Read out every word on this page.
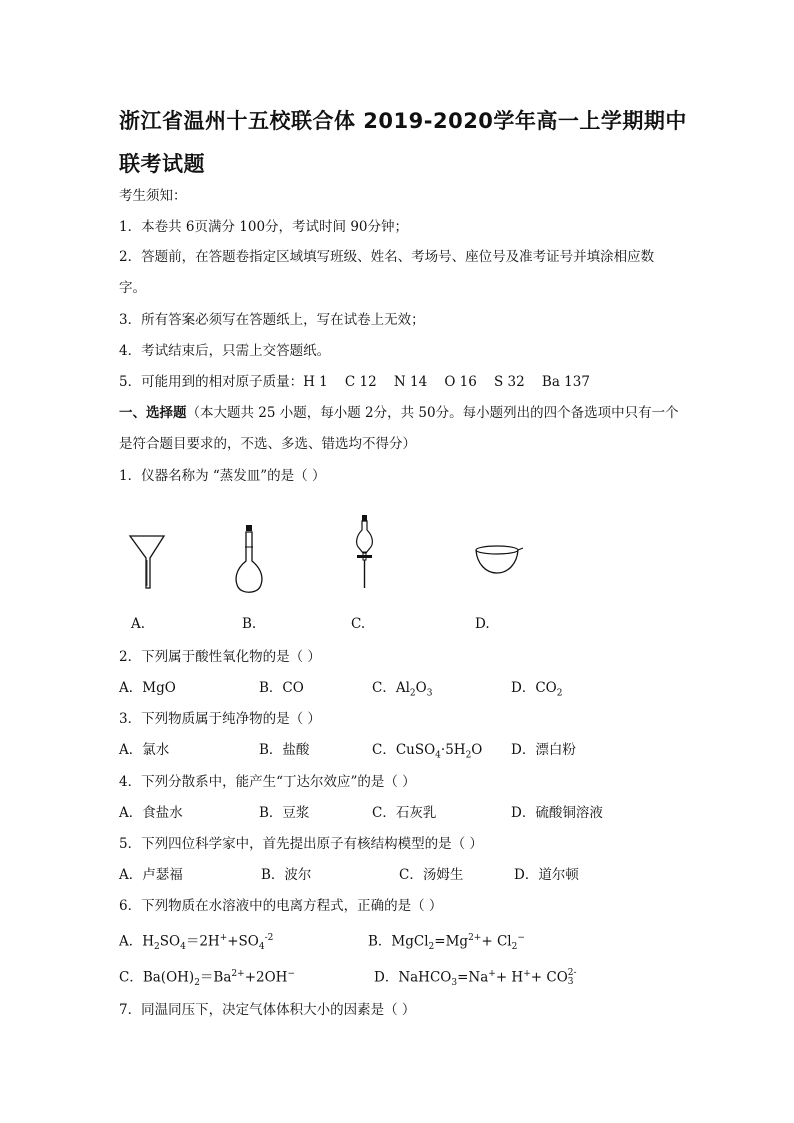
浙江省温州十五校联合体 2019-2020学年高一上学期期中联考试题
考生须知：
1．本卷共 6页满分 100分，考试时间 90分钟；
2．答题前，在答题卷指定区域填写班级、姓名、考场号、座位号及准考证号并填涂相应数字。
3．所有答案必须写在答题纸上，写在试卷上无效；
4．考试结束后，只需上交答题纸。
5．可能用到的相对原子质量：H 1    C 12    N 14    O 16    S 32    Ba 137
一、选择题（本大题共 25 小题，每小题 2分，共 50分。每小题列出的四个备选项中只有一个是符合题目要求的，不选、多选、错选均不得分）
1．仪器名称为 “蒸发皿”的是（ ）
A.	B.	C.	D.
2．下列属于酸性氧化物的是（ ）
A．MgO	B．CO	C．$Al_2O_3$	D．$CO_2$
3．下列物质属于纯净物的是（ ）
A．氯水	B．盐酸	C．$CuSO_4\cdot 5H_2O$ D．漂白粉
4．下列分散系中，能产生“丁达尔效应”的是（ ）
A．食盐水	B．豆浆	C．石灰乳	D．硫酸铜溶液
5．下列四位科学家中，首先提出原子有核结构模型的是（ ）
A．卢瑟福	B．波尔	C．汤姆生	D．道尔顿
6．下列物质在水溶液中的电离方程式，正确的是（ ）
A．$H_2SO_4=2H^++SO_4^{-2}$	B．$MgCl_2=Mg^{2+}+ Cl_2^-$
C．$Ba(OH)_2=Ba^{2+}+2OH^-$	D．NaHCO$_3$=Na++ H++ CO 2-
3
7．同温同压下，决定气体体积大小的因素是（ ）
